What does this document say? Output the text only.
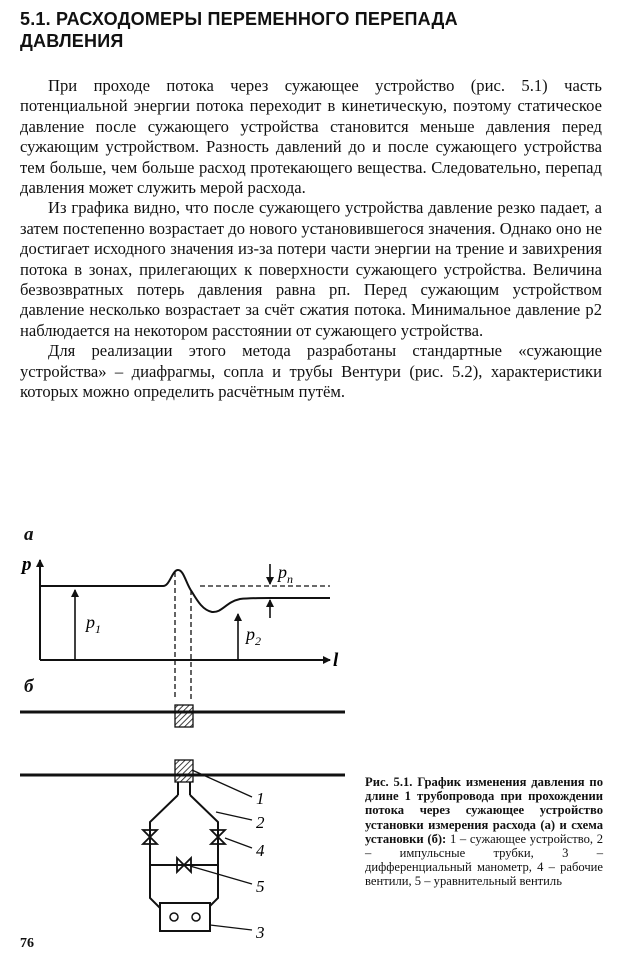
5.1. РАСХОДОМЕРЫ ПЕРЕМЕННОГО ПЕРЕПАДА
ДАВЛЕНИЯ

При проходе потока через сужающее устройство (рис. 5.1) часть потенциальной энергии потока переходит в кинетическую, поэтому статическое давление после сужающего устройства становится меньше давления перед сужающим устройством. Разность давлений до и после сужающего устройства тем больше, чем больше расход протекающего вещества. Следовательно, перепад давления может служить мерой расхода.

Из графика видно, что после сужающего устройства давление резко падает, а затем постепенно возрастает до нового установившегося значения. Однако оно не достигает исходного значения из-за потери части энергии на трение и завихрения потока в зонах, прилегающих к поверхности сужающего устройства. Величина безвозвратных потерь давления равна pп. Перед сужающим устройством давление несколько возрастает за счёт сжатия потока. Минимальное давление p2 наблюдается на некотором расстоянии от сужающего устройства.

Для реализации этого метода разработаны стандартные «сужающие устройства» – диафрагмы, сопла и трубы Вентури (рис. 5.2), характеристики которых можно определить расчётным путём.

а
б
p
l
$p_1$	$p_2$
$p_п$
1
2
4
5
3
Рис. 5.1. График изменения давления по длине 1 трубопровода при прохождении потока через сужающее устройство установки измерения расхода (а) и схема установки (б): 1 – сужающее устройство, 2 – импульсные трубки, 3 – дифференциальный манометр, 4 – рабочие вентили, 5 – уравнительный вентиль
76
